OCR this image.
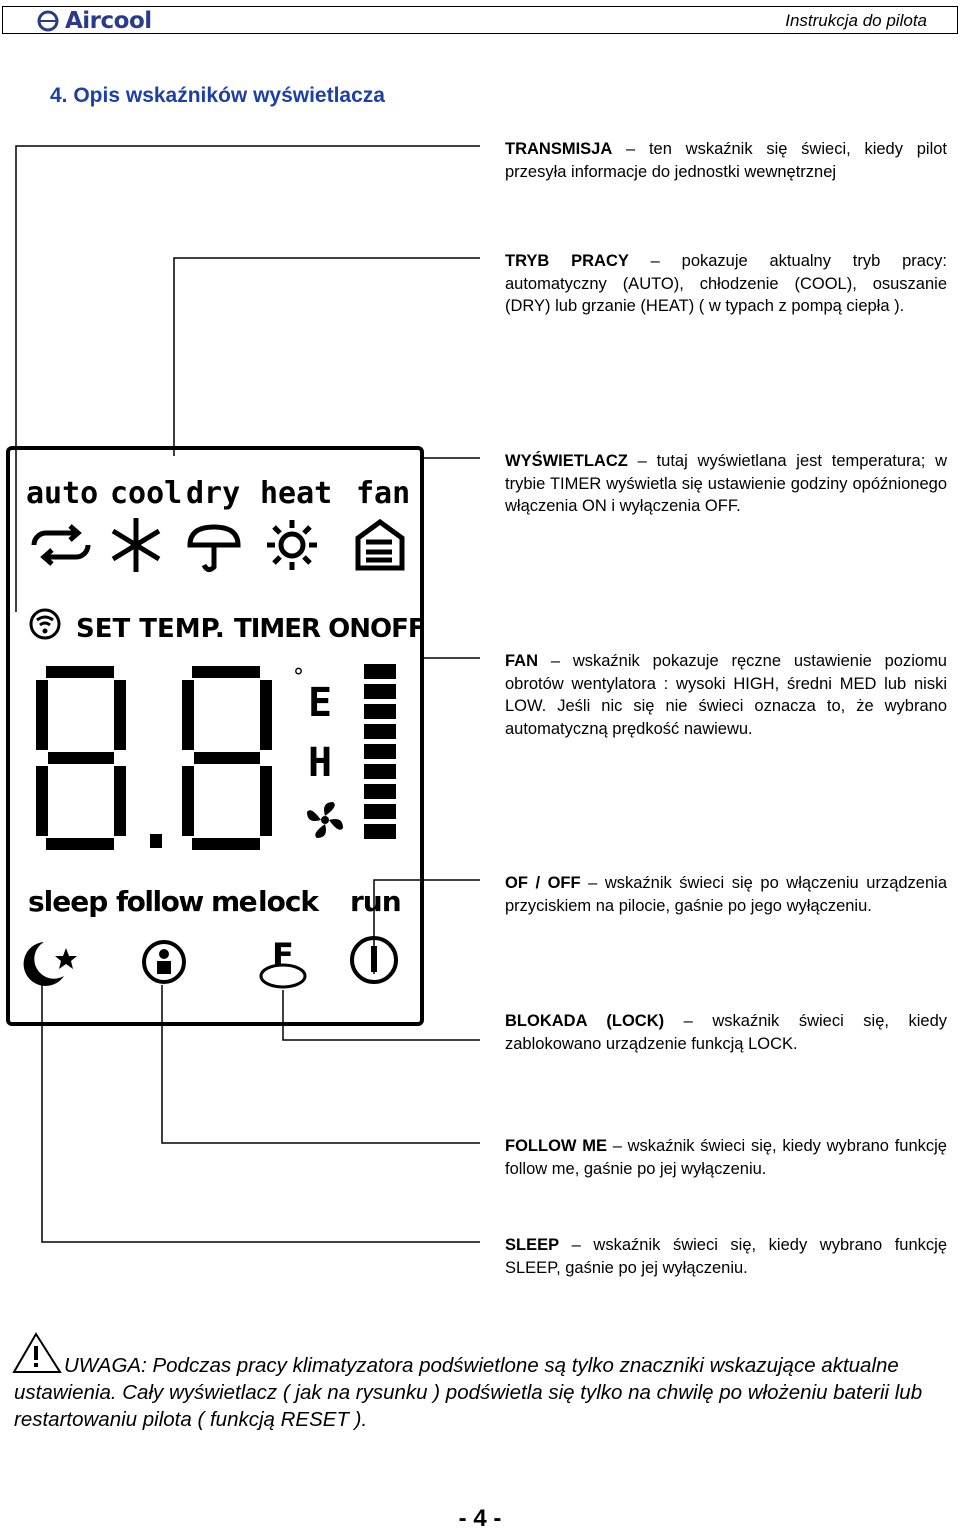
Aircool	Instrukcja do pilota
4. Opis wskaźników wyświetlacza
auto cool dry heat fan
SET TEMP. TIMER ONOFF
°
E
H
sleep follow me lock run
F
TRANSMISJA – ten wskaźnik się świeci, kiedy pilot przesyła informacje do jednostki wewnętrznej
TRYB PRACY – pokazuje aktualny tryb pracy: automatyczny (AUTO), chłodzenie (COOL), osuszanie (DRY) lub grzanie (HEAT) ( w typach z pompą ciepła ).
WYŚWIETLACZ – tutaj wyświetlana jest temperatura; w trybie TIMER wyświetla się ustawienie godziny opóźnionego włączenia ON i wyłączenia OFF.
FAN – wskaźnik pokazuje ręczne ustawienie poziomu obrotów wentylatora : wysoki HIGH, średni MED lub niski LOW. Jeśli nic się nie świeci oznacza to, że wybrano automatyczną prędkość nawiewu.
OF / OFF – wskaźnik świeci się po włączeniu urządzenia przyciskiem na pilocie, gaśnie po jego wyłączeniu.
BLOKADA (LOCK) – wskaźnik świeci się, kiedy zablokowano urządzenie funkcją LOCK.
FOLLOW ME – wskaźnik świeci się, kiedy wybrano funkcję follow me, gaśnie po jej wyłączeniu.
SLEEP – wskaźnik świeci się, kiedy wybrano funkcję SLEEP, gaśnie po jej wyłączeniu.
UWAGA: Podczas pracy klimatyzatora podświetlone są tylko znaczniki wskazujące aktualne ustawienia. Cały wyświetlacz ( jak na rysunku ) podświetla się tylko na chwilę po włożeniu baterii lub restartowaniu pilota ( funkcją RESET ).
- 4 -
